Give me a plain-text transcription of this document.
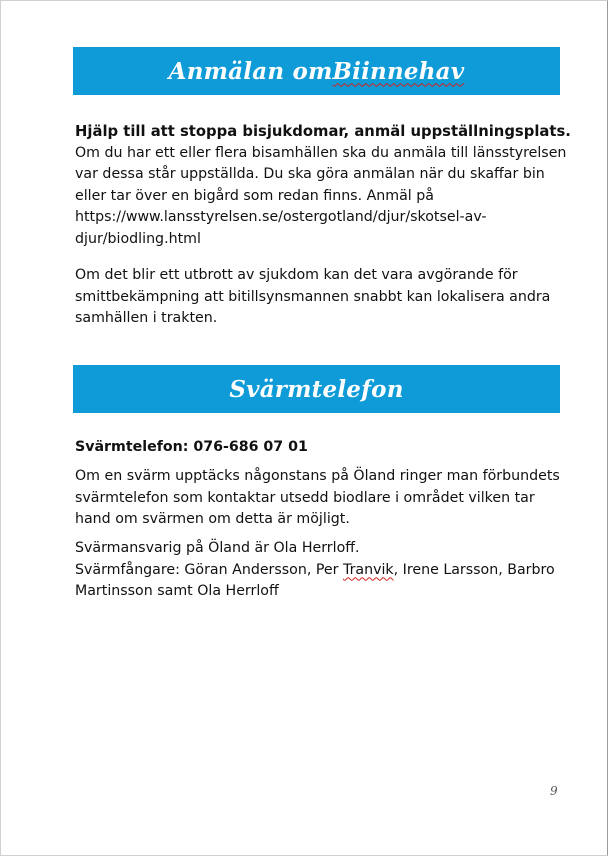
Anmälan om Biinnehav

Hjälp till att stoppa bisjukdomar, anmäl uppställningsplats.

Om du har ett eller flera bisamhällen ska du anmäla till länsstyrelsen

var dessa står uppställda. Du ska göra anmälan när du skaffar bin

eller tar över en bigård som redan finns. Anmäl på

https://www.lansstyrelsen.se/ostergotland/djur/skotsel-av-

djur/biodling.html

Om det blir ett utbrott av sjukdom kan det vara avgörande för

smittbekämpning att bitillsynsmannen snabbt kan lokalisera andra

samhällen i trakten.

Svärmtelefon

Svärmtelefon: 076-686 07 01

Om en svärm upptäcks någonstans på Öland ringer man förbundets

svärmtelefon som kontaktar utsedd biodlare i området vilken tar

hand om svärmen om detta är möjligt.

Svärmansvarig på Öland är Ola Herrloff.

Svärmfångare: Göran Andersson, Per Tranvik, Irene Larsson, Barbro

Martinsson samt Ola Herrloff

9
